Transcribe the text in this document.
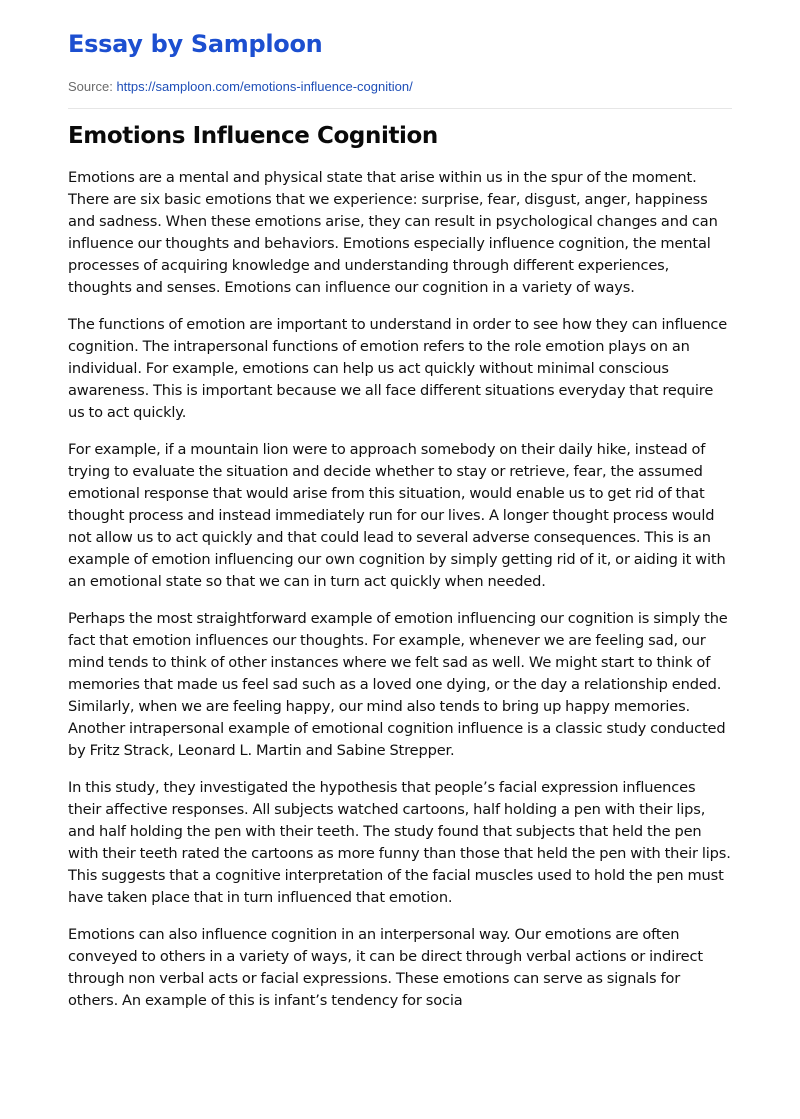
Essay by Samploon
Source: https://samploon.com/emotions-influence-cognition/
Emotions Influence Cognition

Emotions are a mental and physical state that arise within us in the spur of the moment. There are six basic emotions that we experience: surprise, fear, disgust, anger, happiness and sadness. When these emotions arise, they can result in psychological changes and can influence our thoughts and behaviors. Emotions especially influence cognition, the mental processes of acquiring knowledge and understanding through different experiences, thoughts and senses. Emotions can influence our cognition in a variety of ways.

The functions of emotion are important to understand in order to see how they can influence cognition. The intrapersonal functions of emotion refers to the role emotion plays on an individual. For example, emotions can help us act quickly without minimal conscious awareness. This is important because we all face different situations everyday that require us to act quickly.

For example, if a mountain lion were to approach somebody on their daily hike, instead of trying to evaluate the situation and decide whether to stay or retrieve, fear, the assumed emotional response that would arise from this situation, would enable us to get rid of that thought process and instead immediately run for our lives. A longer thought process would not allow us to act quickly and that could lead to several adverse consequences. This is an example of emotion influencing our own cognition by simply getting rid of it, or aiding it with an emotional state so that we can in turn act quickly when needed.

Perhaps the most straightforward example of emotion influencing our cognition is simply the fact that emotion influences our thoughts. For example, whenever we are feeling sad, our mind tends to think of other instances where we felt sad as well. We might start to think of memories that made us feel sad such as a loved one dying, or the day a relationship ended. Similarly, when we are feeling happy, our mind also tends to bring up happy memories. Another intrapersonal example of emotional cognition influence is a classic study conducted by Fritz Strack, Leonard L. Martin and Sabine Strepper.

In this study, they investigated the hypothesis that people’s facial expression influences their affective responses. All subjects watched cartoons, half holding a pen with their lips, and half holding the pen with their teeth. The study found that subjects that held the pen with their teeth rated the cartoons as more funny than those that held the pen with their lips. This suggests that a cognitive interpretation of the facial muscles used to hold the pen must have taken place that in turn influenced that emotion.

Emotions can also influence cognition in an interpersonal way. Our emotions are often conveyed to others in a variety of ways, it can be direct through verbal actions or indirect through non verbal acts or facial expressions. These emotions can serve as signals for others. An example of this is infant’s tendency for socia
